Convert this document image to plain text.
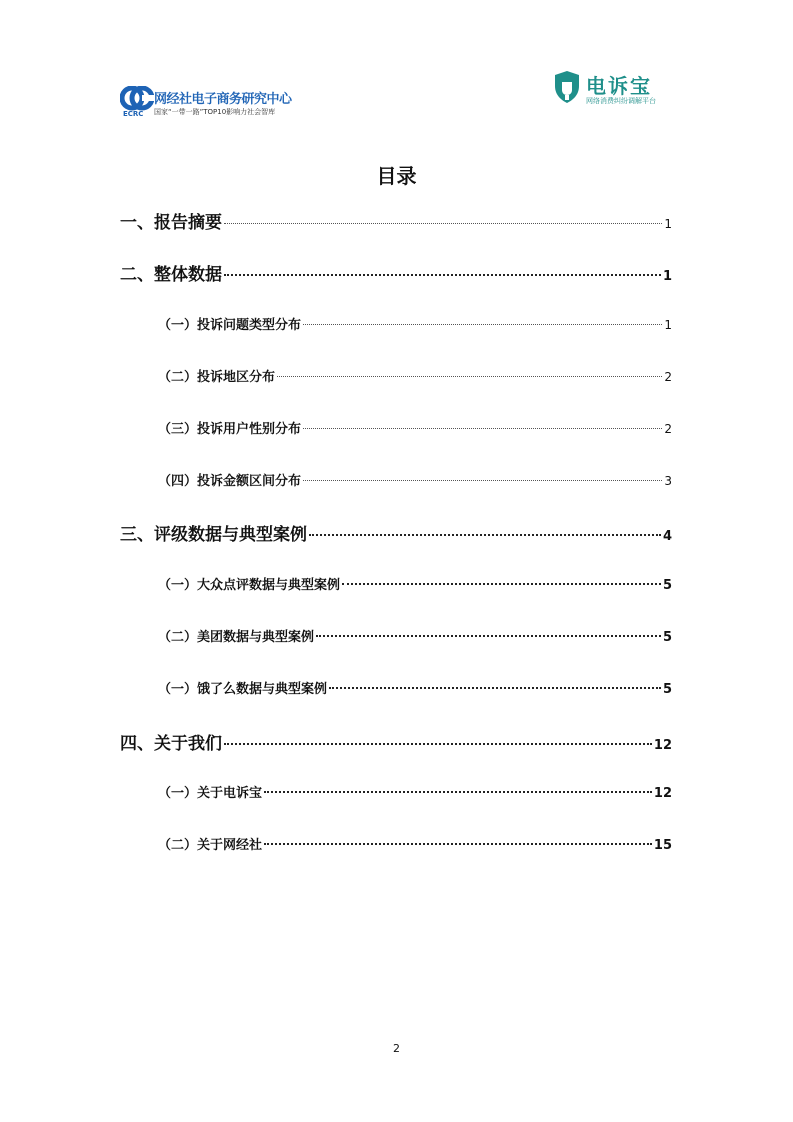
ECRC
网经社电子商务研究中心
国家“一带一路”TOP10影响力社会智库
电诉宝
网络消费纠纷调解平台
目录
一、报告摘要	1
二、整体数据	1
（一）投诉问题类型分布	1
（二）投诉地区分布	2
（三）投诉用户性别分布	2
（四）投诉金额区间分布	3
三、评级数据与典型案例	4
（一）大众点评数据与典型案例	5
（二）美团数据与典型案例	5
（一）饿了么数据与典型案例	5
四、关于我们	12
（一）关于电诉宝	12
（二）关于网经社	15
2
